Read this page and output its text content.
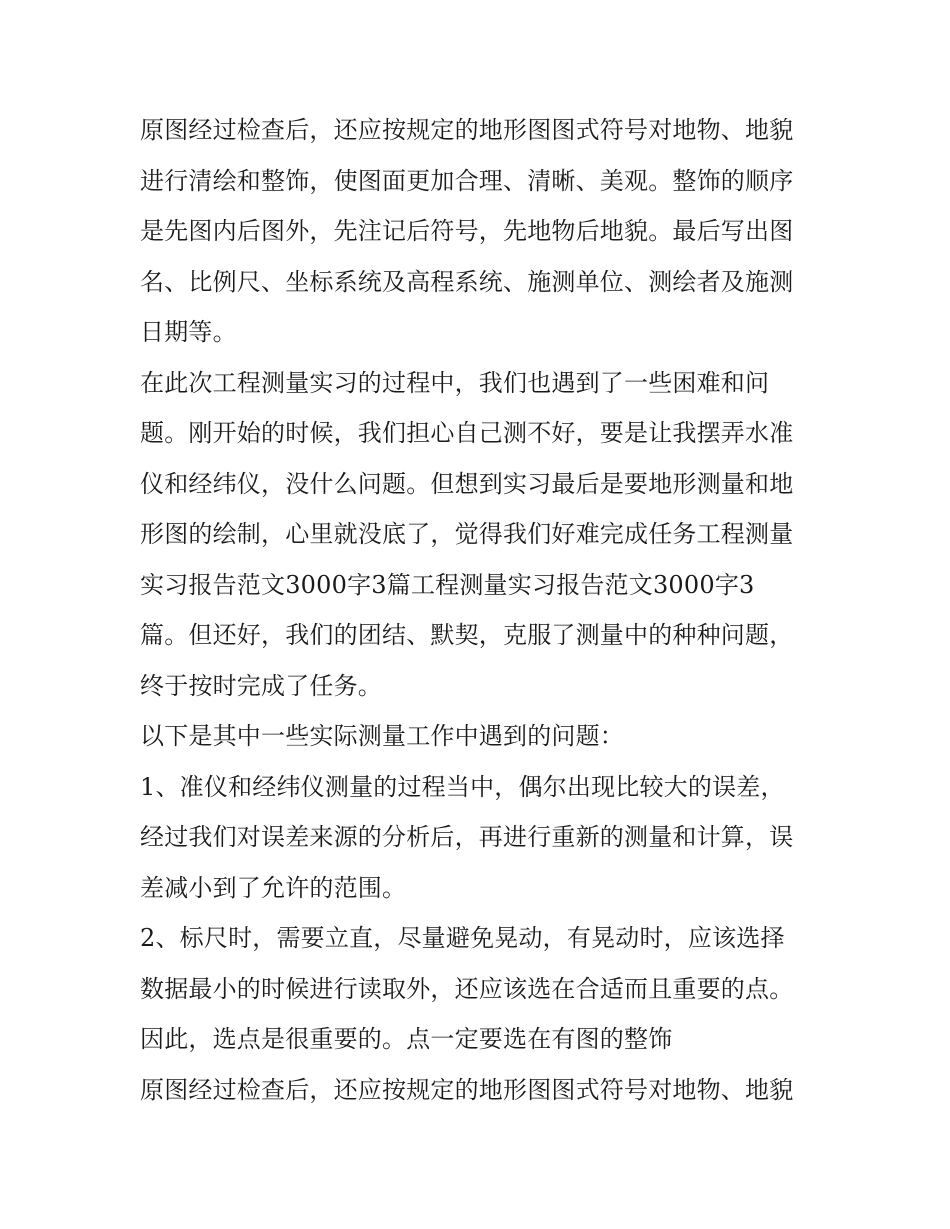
原图经过检查后，还应按规定的地形图图式符号对地物、地貌
进行清绘和整饰，使图面更加合理、清晰、美观。整饰的顺序
是先图内后图外，先注记后符号，先地物后地貌。最后写出图
名、比例尺、坐标系统及高程系统、施测单位、测绘者及施测
日期等。
在此次工程测量实习的过程中，我们也遇到了一些困难和问
题。刚开始的时候，我们担心自己测不好，要是让我摆弄水准
仪和经纬仪，没什么问题。但想到实习最后是要地形测量和地
形图的绘制，心里就没底了，觉得我们好难完成任务工程测量
实习报告范文3000字3篇工程测量实习报告范文3000字3
篇。但还好，我们的团结、默契，克服了测量中的种种问题，
终于按时完成了任务。
以下是其中一些实际测量工作中遇到的问题：
1、准仪和经纬仪测量的过程当中，偶尔出现比较大的误差，
经过我们对误差来源的分析后，再进行重新的测量和计算，误
差减小到了允许的范围。
2、标尺时，需要立直，尽量避免晃动，有晃动时，应该选择
数据最小的时候进行读取外，还应该选在合适而且重要的点。
因此，选点是很重要的。点一定要选在有图的整饰
原图经过检查后，还应按规定的地形图图式符号对地物、地貌
